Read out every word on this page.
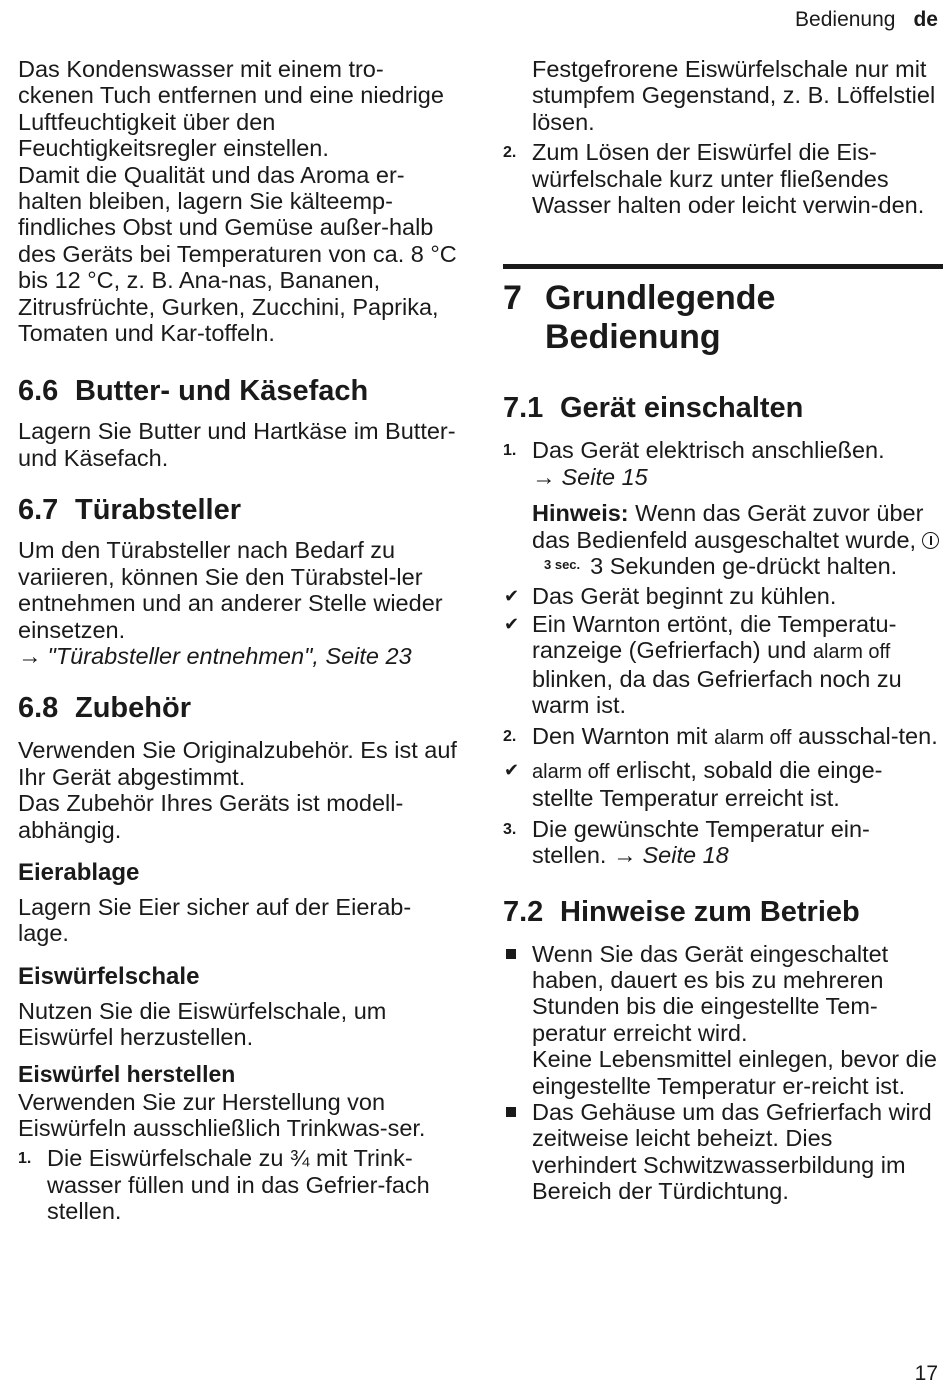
Bedienung de

Das Kondenswasser mit einem tro-ckenen Tuch entfernen und eine niedrige Luftfeuchtigkeit über den Feuchtigkeitsregler einstellen.

Damit die Qualität und das Aroma er-halten bleiben, lagern Sie kälteemp-findliches Obst und Gemüse außer-halb des Geräts bei Temperaturen von ca. 8 °C bis 12 °C, z. B. Ana-nas, Bananen, Zitrusfrüchte, Gurken, Zucchini, Paprika, Tomaten und Kar-toffeln.

6.6 Butter- und Käsefach

Lagern Sie Butter und Hartkäse im Butter- und Käsefach.

6.7 Türabsteller

Um den Türabsteller nach Bedarf zu variieren, können Sie den Türabstel-ler entnehmen und an anderer Stelle wieder einsetzen.

→ "Türabsteller entnehmen", Seite 23

6.8 Zubehör

Verwenden Sie Originalzubehör. Es ist auf Ihr Gerät abgestimmt.

Das Zubehör Ihres Geräts ist modell-abhängig.

Eierablage

Lagern Sie Eier sicher auf der Eierab-lage.

Eiswürfelschale

Nutzen Sie die Eiswürfelschale, um Eiswürfel herzustellen.

Eiswürfel herstellen

Verwenden Sie zur Herstellung von Eiswürfeln ausschließlich Trinkwas-ser.

1. Die Eiswürfelschale zu ¾ mit Trink-wasser füllen und in das Gefrier-fach stellen.

Festgefrorene Eiswürfelschale nur mit stumpfem Gegenstand, z. B. Löffelstiel lösen.

2. Zum Lösen der Eiswürfel die Eis-würfelschale kurz unter fließendes Wasser halten oder leicht verwin-den.

7 Grundlegende
Bedienung
7.1 Gerät einschalten
1. Das Gerät elektrisch anschließen.

→ Seite 15

Hinweis: Wenn das Gerät zuvor über das Bedienfeld ausgeschaltet wurde,$^{3 sec.}$ 3 Sekunden ge-drückt halten.

✔ Das Gerät beginnt zu kühlen.

✔ Ein Warnton ertönt, die Temperatu-ranzeige (Gefrierfach) und alarm off blinken, da das Gefrierfach noch zu warm ist.

2. Den Warnton mit alarm off ausschal-ten.

✔ alarm off erlischt, sobald die einge-stellte Temperatur erreicht ist.

3. Die gewünschte Temperatur ein-stellen. → Seite 18

7.2 Hinweise zum Betrieb

Wenn Sie das Gerät eingeschaltet haben, dauert es bis zu mehreren Stunden bis die eingestellte Tem-peratur erreicht wird.

Keine Lebensmittel einlegen, bevor die eingestellte Temperatur er-reicht ist.

Das Gehäuse um das Gefrierfach wird zeitweise leicht beheizt. Dies verhindert Schwitzwasserbildung im Bereich der Türdichtung.

17
